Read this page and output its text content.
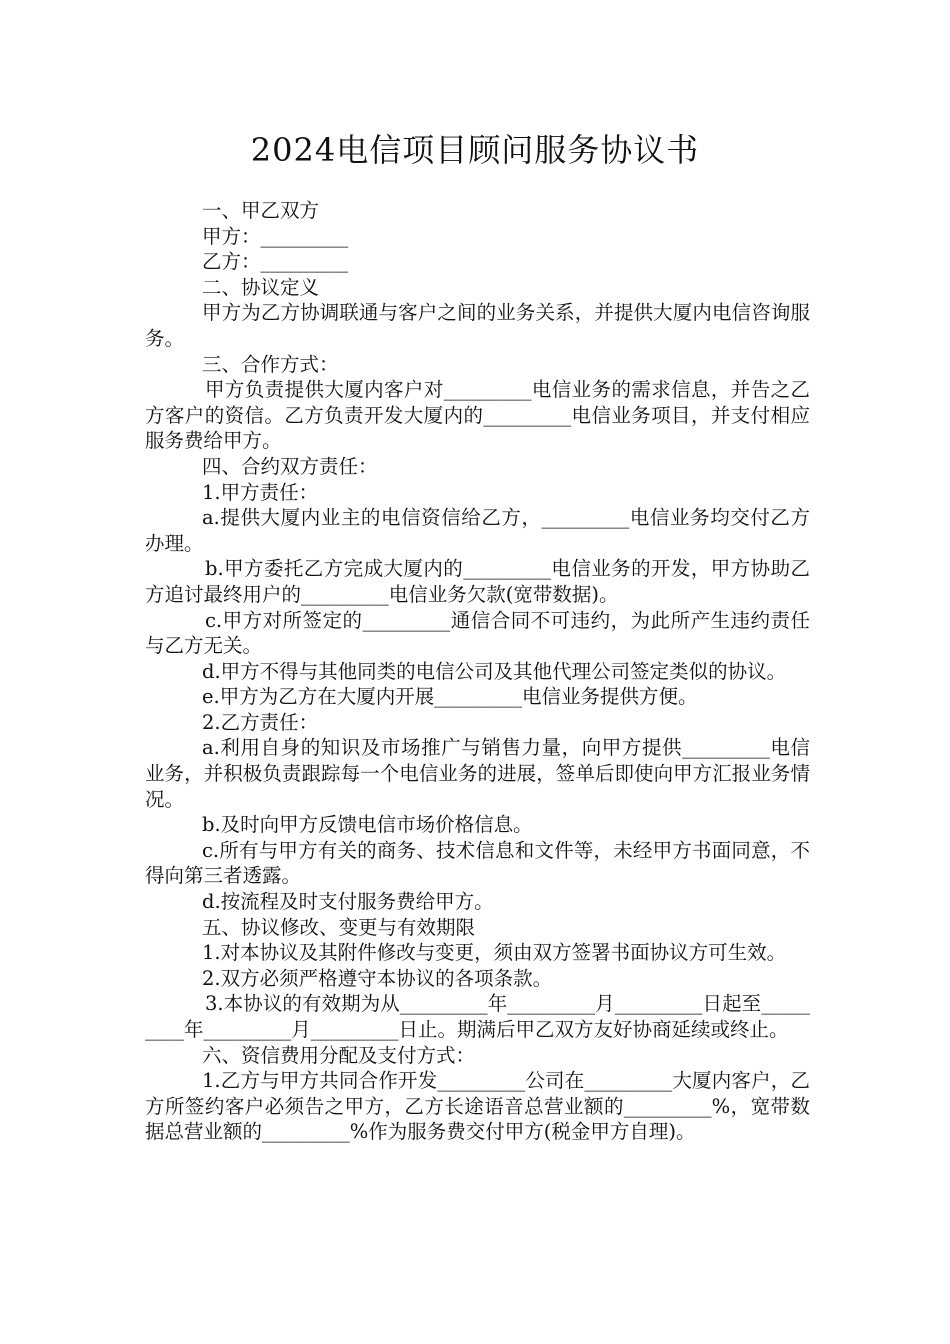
2024电信项目顾问服务协议书

一、甲乙双方

甲方：_________

乙方：_________

二、协议定义

甲方为乙方协调联通与客户之间的业务关系，并提供大厦内电信咨询服务。

三、合作方式：

甲方负责提供大厦内客户对_________电信业务的需求信息，并告之乙方客户的资信。乙方负责开发大厦内的_________电信业务项目，并支付相应服务费给甲方。

四、合约双方责任：

1.甲方责任：

a.提供大厦内业主的电信资信给乙方，_________电信业务均交付乙方办理。

b.甲方委托乙方完成大厦内的_________电信业务的开发，甲方协助乙方追讨最终用户的_________电信业务欠款(宽带数据)。

c.甲方对所签定的_________通信合同不可违约，为此所产生违约责任与乙方无关。

d.甲方不得与其他同类的电信公司及其他代理公司签定类似的协议。

e.甲方为乙方在大厦内开展_________电信业务提供方便。

2.乙方责任：

a.利用自身的知识及市场推广与销售力量，向甲方提供_________电信业务，并积极负责跟踪每一个电信业务的进展，签单后即使向甲方汇报业务情况。

b.及时向甲方反馈电信市场价格信息。

c.所有与甲方有关的商务、技术信息和文件等，未经甲方书面同意，不得向第三者透露。

d.按流程及时支付服务费给甲方。

五、协议修改、变更与有效期限

1.对本协议及其附件修改与变更，须由双方签署书面协议方可生效。

2.双方必须严格遵守本协议的各项条款。

3.本协议的有效期为从_________年_________月_________日起至_________年_________月_________日止。期满后甲乙双方友好协商延续或终止。

六、资信费用分配及支付方式：

1.乙方与甲方共同合作开发_________公司在_________大厦内客户，乙方所签约客户必须告之甲方，乙方长途语音总营业额的_________%，宽带数据总营业额的_________%作为服务费交付甲方(税金甲方自理)。
